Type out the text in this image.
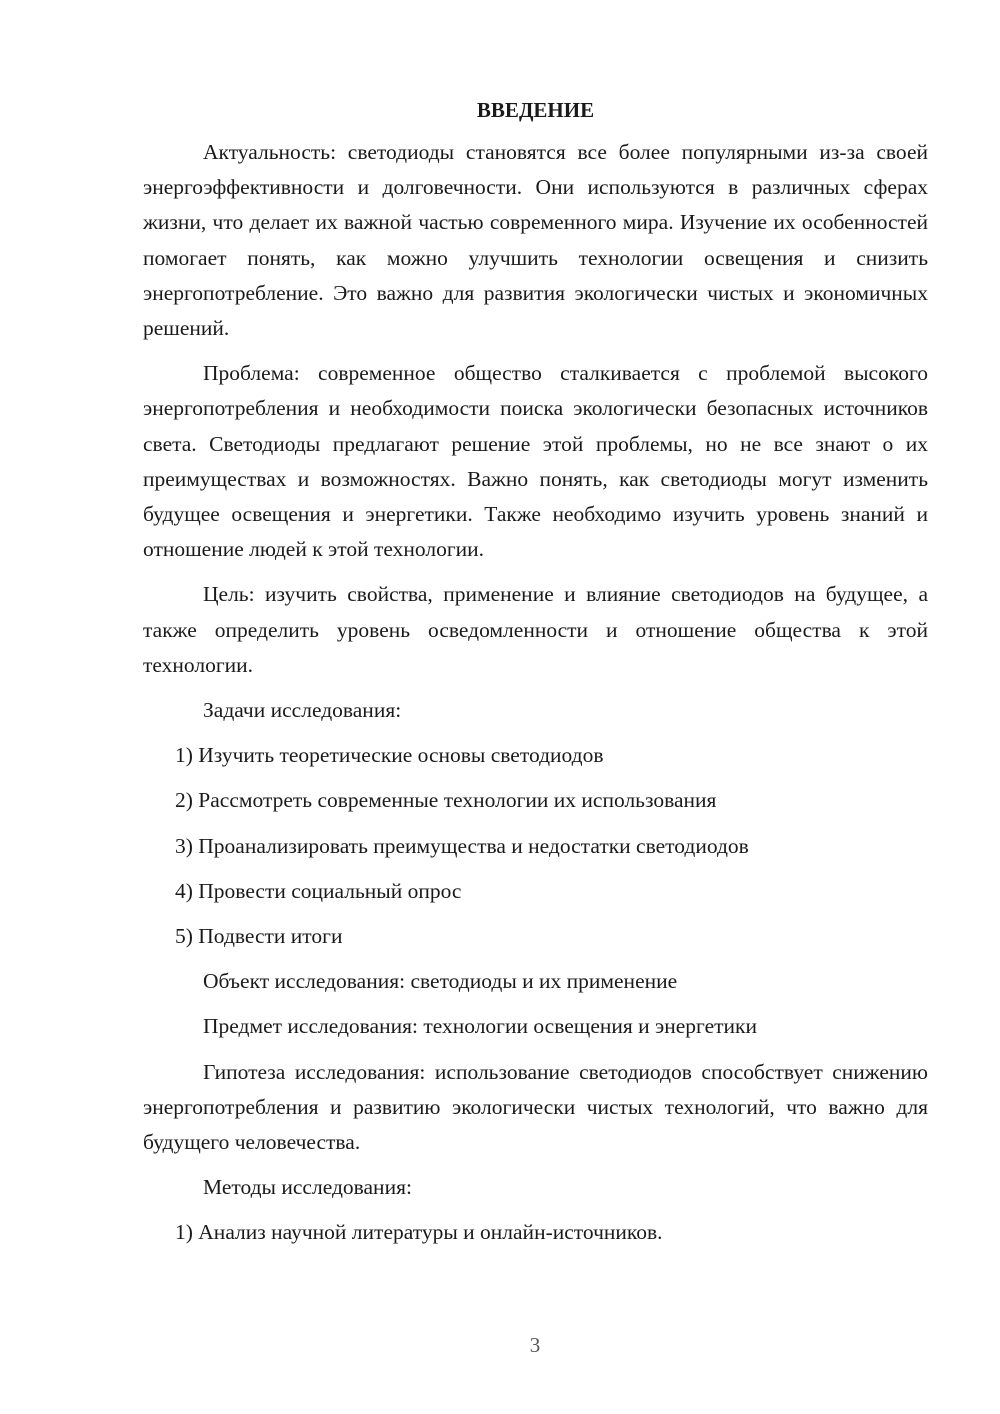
ВВЕДЕНИЕ

Актуальность: светодиоды становятся все более популярными из-за своей энергоэффективности и долговечности. Они используются в различных сферах жизни, что делает их важной частью современного мира. Изучение их особенностей помогает понять, как можно улучшить технологии освещения и снизить энергопотребление. Это важно для развития экологически чистых и экономичных решений.

Проблема: современное общество сталкивается с проблемой высокого энергопотребления и необходимости поиска экологически безопасных источников света. Светодиоды предлагают решение этой проблемы, но не все знают о их преимуществах и возможностях. Важно понять, как светодиоды могут изменить будущее освещения и энергетики. Также необходимо изучить уровень знаний и отношение людей к этой технологии.

Цель: изучить свойства, применение и влияние светодиодов на будущее, а также определить уровень осведомленности и отношение общества к этой технологии.

Задачи исследования:

1) Изучить теоретические основы светодиодов
2) Рассмотреть современные технологии их использования
3) Проанализировать преимущества и недостатки светодиодов
4) Провести социальный опрос
5) Подвести итоги

Объект исследования: светодиоды и их применение

Предмет исследования: технологии освещения и энергетики

Гипотеза исследования: использование светодиодов способствует снижению энергопотребления и развитию экологически чистых технологий, что важно для будущего человечества.

Методы исследования:

1) Анализ научной литературы и онлайн-источников.
3
